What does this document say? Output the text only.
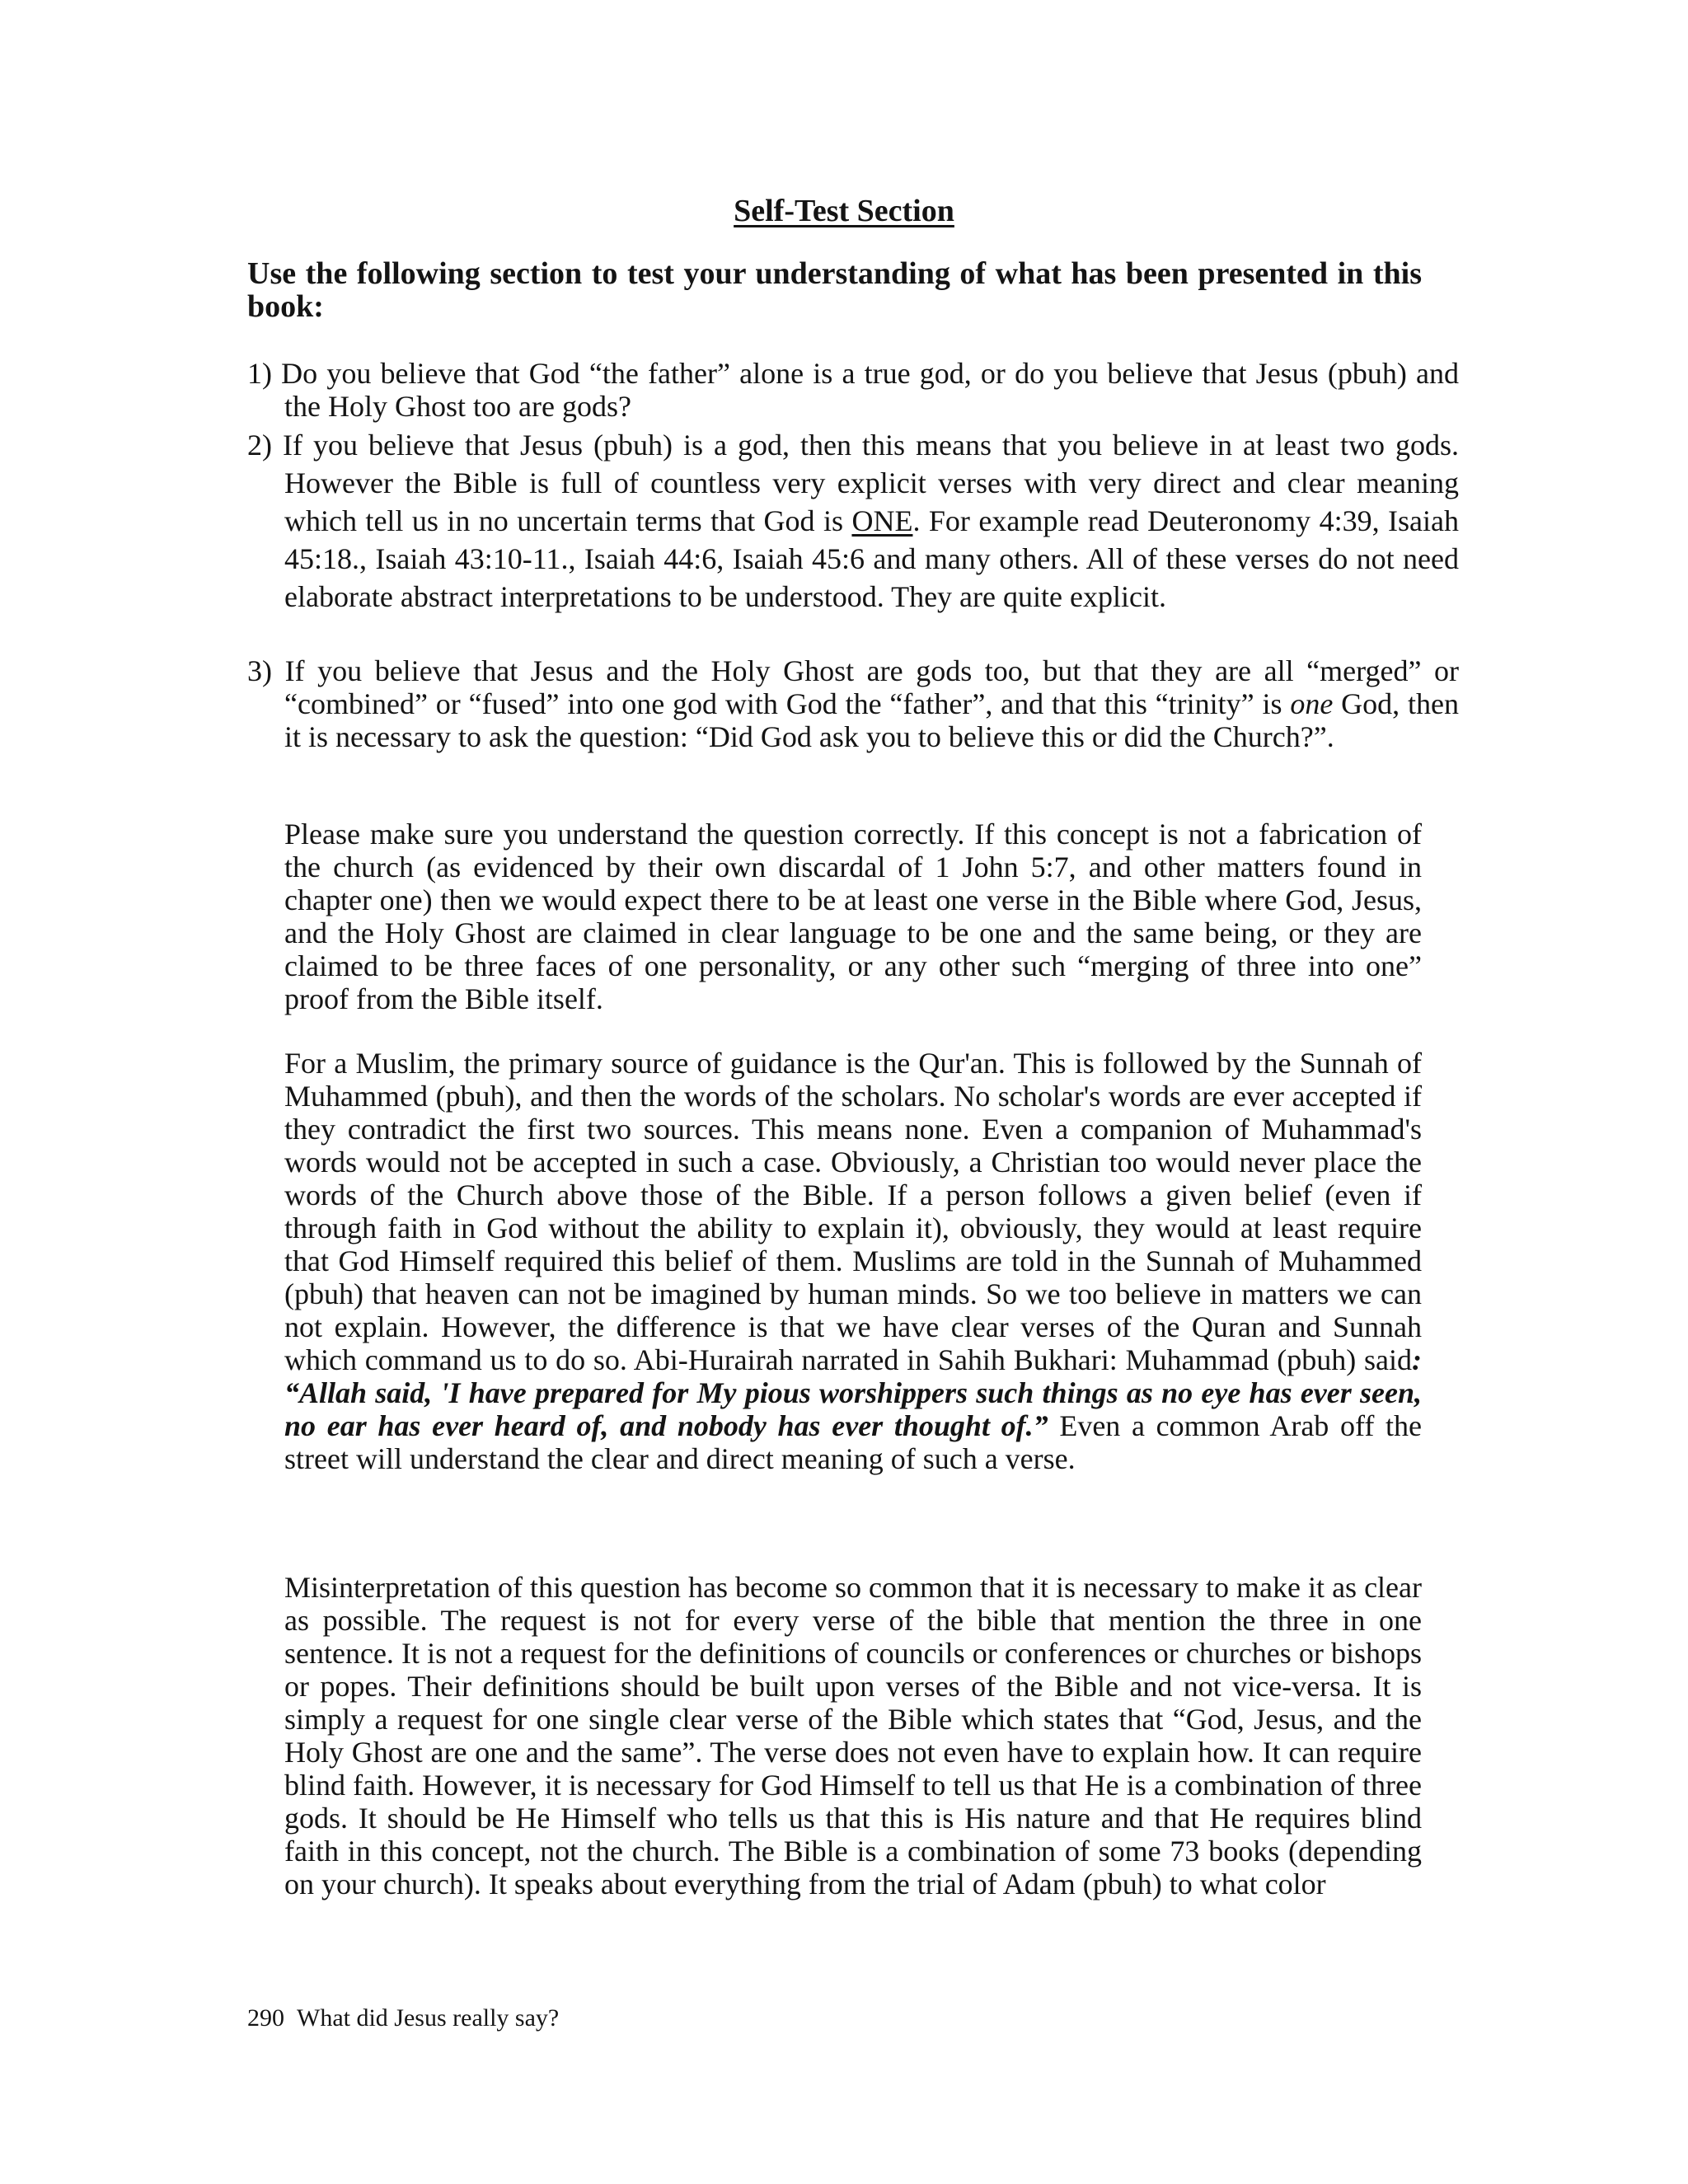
Self-Test Section

Use the following section to test your understanding of what has been presented in this book:

1) Do you believe that God “the father” alone is a true god, or do you believe that Jesus (pbuh) and the Holy Ghost too are gods?

2) If you believe that Jesus (pbuh) is a god, then this means that you believe in at least two gods. However the Bible is full of countless very explicit verses with very direct and clear meaning which tell us in no uncertain terms that God is ONE. For example read Deuteronomy 4:39, Isaiah 45:18., Isaiah 43:10-11., Isaiah 44:6, Isaiah 45:6 and many others. All of these verses do not need elaborate abstract interpretations to be understood. They are quite explicit.

3) If you believe that Jesus and the Holy Ghost are gods too, but that they are all “merged” or “combined” or “fused” into one god with God the “father”, and that this “trinity” is one God, then it is necessary to ask the question: “Did God ask you to believe this or did the Church?”.

Please make sure you understand the question correctly. If this concept is not a fabrication of the church (as evidenced by their own discardal of 1 John 5:7, and other matters found in chapter one) then we would expect there to be at least one verse in the Bible where God, Jesus, and the Holy Ghost are claimed in clear language to be one and the same being, or they are claimed to be three faces of one personality, or any other such “merging of three into one” proof from the Bible itself.

For a Muslim, the primary source of guidance is the Qur'an. This is followed by the Sunnah of Muhammed (pbuh), and then the words of the scholars. No scholar's words are ever accepted if they contradict the first two sources. This means none. Even a companion of Muhammad's words would not be accepted in such a case. Obviously, a Christian too would never place the words of the Church above those of the Bible. If a person follows a given belief (even if through faith in God without the ability to explain it), obviously, they would at least require that God Himself required this belief of them. Muslims are told in the Sunnah of Muhammed (pbuh) that heaven can not be imagined by human minds. So we too believe in matters we can not explain. However, the difference is that we have clear verses of the Quran and Sunnah which command us to do so. Abi-Hurairah narrated in Sahih Bukhari: Muhammad (pbuh) said: “Allah said, 'I have prepared for My pious worshippers such things as no eye has ever seen, no ear has ever heard of, and nobody has ever thought of.” Even a common Arab off the street will understand the clear and direct meaning of such a verse.

Misinterpretation of this question has become so common that it is necessary to make it as clear as possible. The request is not for every verse of the bible that mention the three in one sentence. It is not a request for the definitions of councils or conferences or churches or bishops or popes. Their definitions should be built upon verses of the Bible and not vice-versa. It is simply a request for one single clear verse of the Bible which states that “God, Jesus, and the Holy Ghost are one and the same”. The verse does not even have to explain how. It can require blind faith. However, it is necessary for God Himself to tell us that He is a combination of three gods. It should be He Himself who tells us that this is His nature and that He requires blind faith in this concept, not the church. The Bible is a combination of some 73 books (depending on your church). It speaks about everything from the trial of Adam (pbuh) to what color

290 What did Jesus really say?
